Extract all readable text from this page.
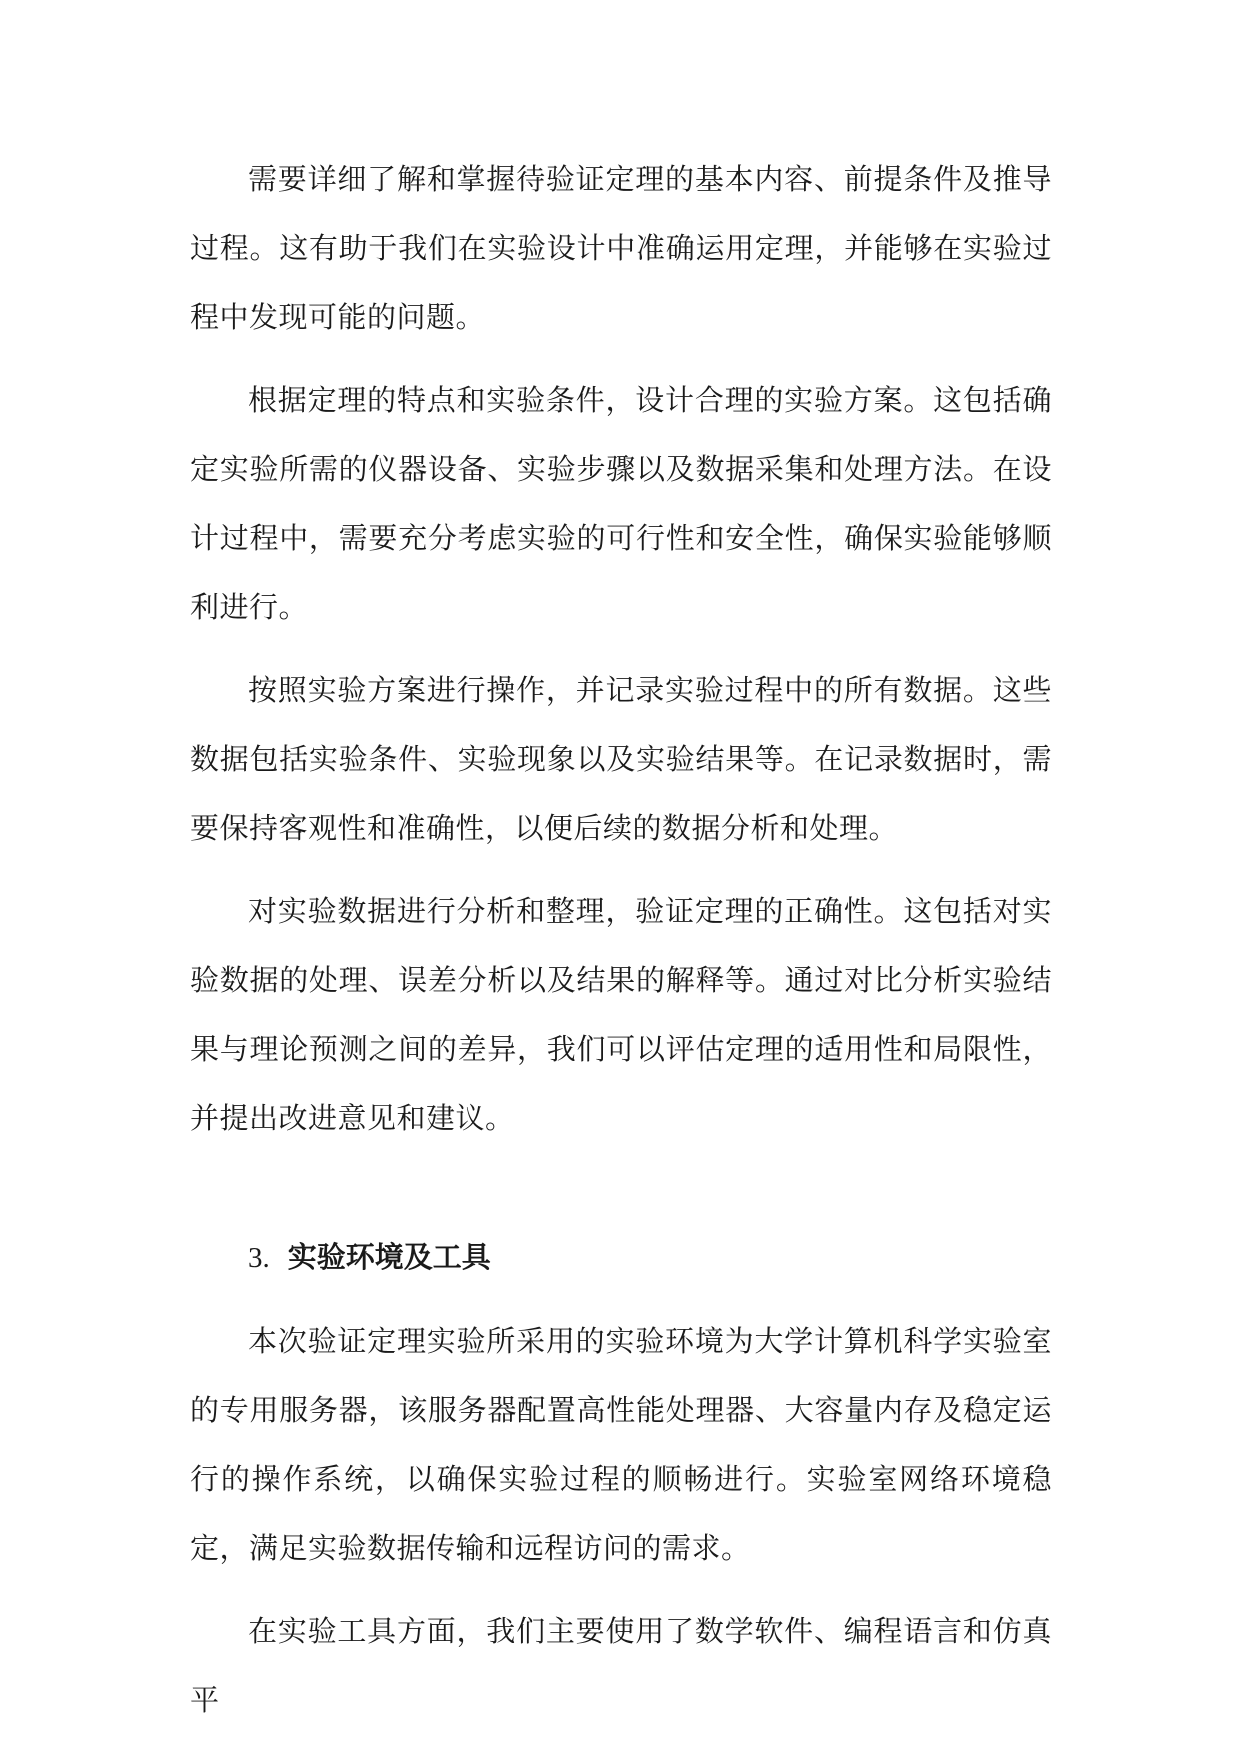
需要详细了解和掌握待验证定理的基本内容、前提条件及推导过程。这有助于我们在实验设计中准确运用定理，并能够在实验过程中发现可能的问题。

根据定理的特点和实验条件，设计合理的实验方案。这包括确定实验所需的仪器设备、实验步骤以及数据采集和处理方法。在设计过程中，需要充分考虑实验的可行性和安全性，确保实验能够顺利进行。

按照实验方案进行操作，并记录实验过程中的所有数据。这些数据包括实验条件、实验现象以及实验结果等。在记录数据时，需要保持客观性和准确性，以便后续的数据分析和处理。

对实验数据进行分析和整理，验证定理的正确性。这包括对实验数据的处理、误差分析以及结果的解释等。通过对比分析实验结果与理论预测之间的差异，我们可以评估定理的适用性和局限性，并提出改进意见和建议。

3. 实验环境及工具

本次验证定理实验所采用的实验环境为大学计算机科学实验室的专用服务器，该服务器配置高性能处理器、大容量内存及稳定运行的操作系统，以确保实验过程的顺畅进行。实验室网络环境稳定，满足实验数据传输和远程访问的需求。

在实验工具方面，我们主要使用了数学软件、编程语言和仿真平
